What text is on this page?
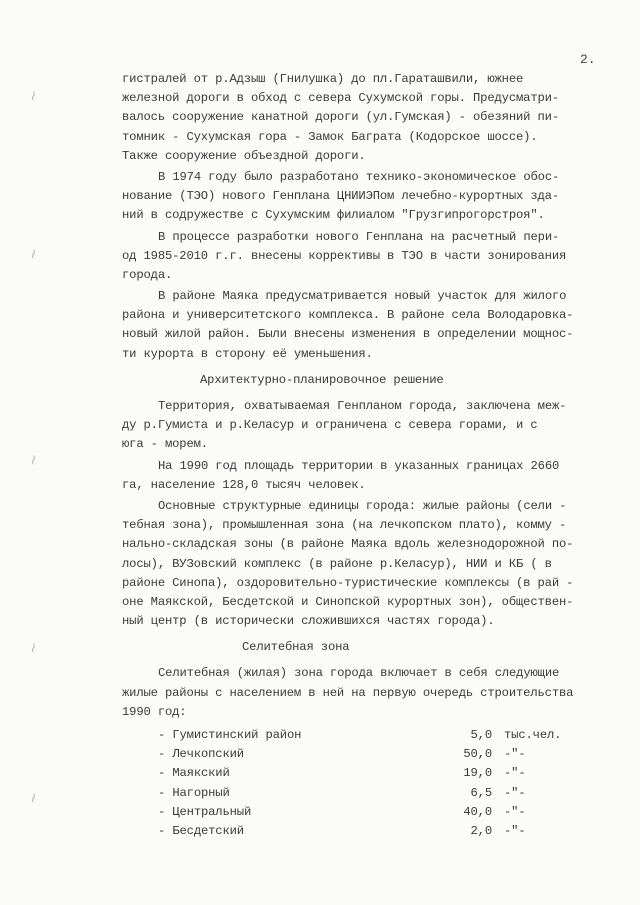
~
~
~
~
~
2.
гистралей от р.Адзыш (Гнилушка) до пл.Гараташвили, южнее
железной дороги в обход с севера Сухумской горы. Предусматри-
валось сооружение канатной дороги (ул.Гумская) - обезяний пи-
томник - Сухумская гора - Замок Баграта (Кодорское шоссе).
Также сооружение объездной дороги.
В 1974 году было разработано технико-экономическое обос-
нование (ТЭО) нового Генплана ЦНИИЭПом лечебно-курортных зда-
ний в содружестве с Сухумским филиалом "Грузгипрогорстроя".
В процессе разработки нового Генплана на расчетный пери-
од 1985-2010 г.г. внесены коррективы в ТЭО в части зонирования
города.
В районе Маяка предусматривается новый участок для жилого
района и университетского комплекса. В районе села Володаровка-
новый жилой район. Были внесены изменения в определении мощнос-
ти курорта в сторону её уменьшения.
Архитектурно-планировочное решение
Территория, охватываемая Генпланом города, заключена меж-
ду р.Гумиста и р.Келасур и ограничена с севера горами, и с
юга - морем.
На 1990 год площадь территории в указанных границах 2660
га, население 128,0 тысяч человек.
Основные структурные единицы города: жилые районы (сели -
тебная зона), промышленная зона (на лечкопском плато), комму -
нально-складская зоны (в районе Маяка вдоль железнодорожной по-
лосы), ВУЗовский комплекс (в районе р.Келасур), НИИ и КБ ( в
районе Синопа), оздоровительно-туристические комплексы (в рай -
оне Маякской, Бесдетской и Синопской курортных зон), обществен-
ный центр (в исторически сложившихся частях города).
Селитебная зона
Селитебная (жилая) зона города включает в себя следующие
жилые районы с населением в ней на первую очередь строительства
1990 год:
- Гумистинский район	5,0 тыс.чел.
- Лечкопский	50,0 -"-
- Маякский	19,0 -"-
- Нагорный	6,5 -"-
- Центральный	40,0 -"-
- Бесдетский	2,0 -"-
